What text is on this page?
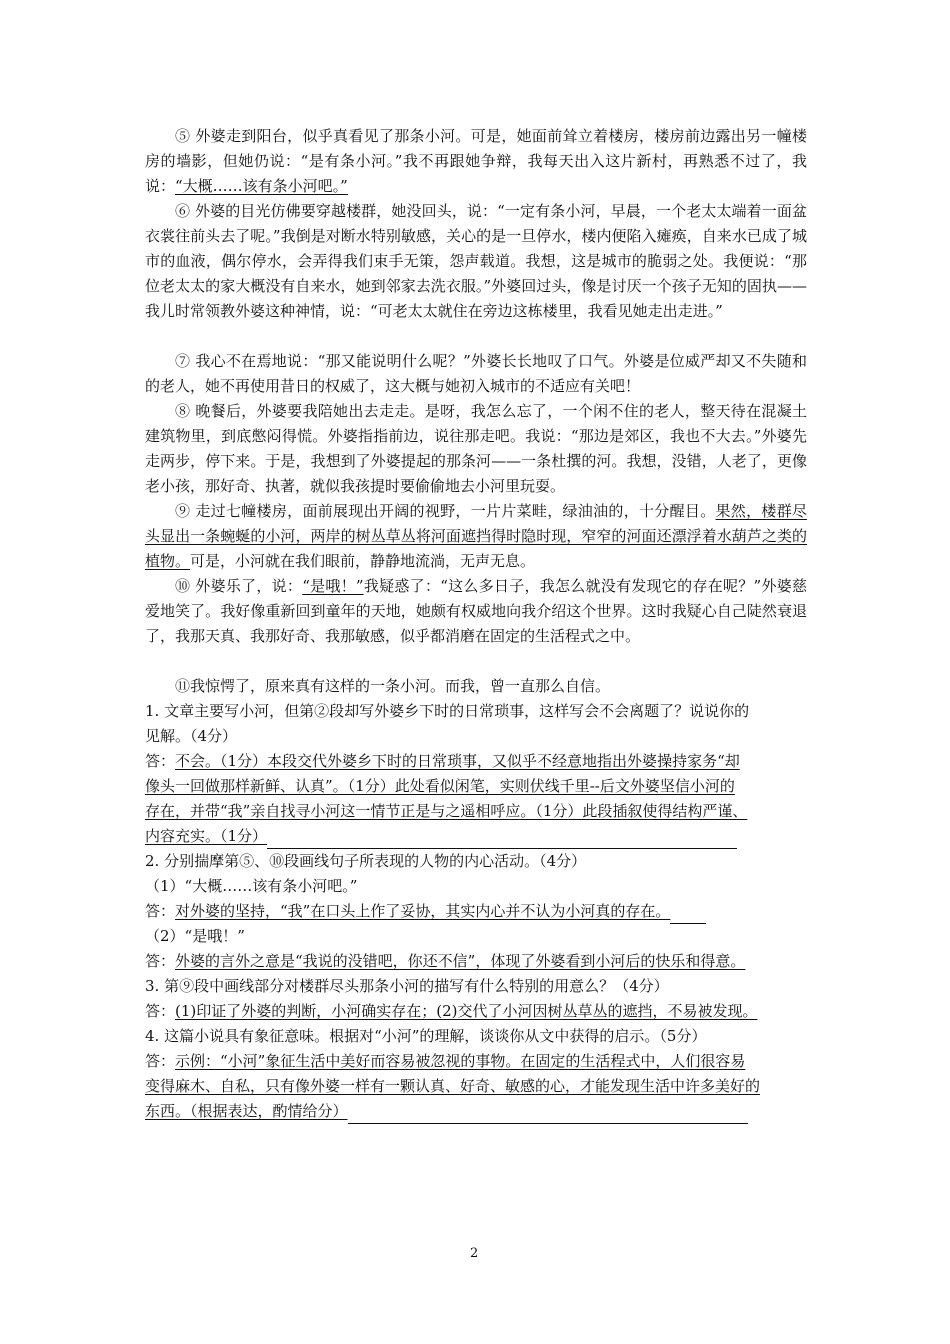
⑤ 外婆走到阳台，似乎真看见了那条小河。可是，她面前耸立着楼房，楼房前边露出另一幢楼房的墙影，但她仍说：“是有条小河。”我不再跟她争辩，我每天出入这片新村，再熟悉不过了，我说：“大概……该有条小河吧。”

⑥ 外婆的目光仿佛要穿越楼群，她没回头，说：“一定有条小河，早晨，一个老太太端着一面盆衣裳往前头去了呢。”我倒是对断水特别敏感，关心的是一旦停水，楼内便陷入瘫痪，自来水已成了城市的血液，偶尔停水，会弄得我们束手无策，怨声载道。我想，这是城市的脆弱之处。我便说：“那位老太太的家大概没有自来水，她到邻家去洗衣服。”外婆回过头，像是讨厌一个孩子无知的固执——我儿时常领教外婆这种神情，说：“可老太太就住在旁边这栋楼里，我看见她走出走进。”

⑦ 我心不在焉地说：“那又能说明什么呢？”外婆长长地叹了口气。外婆是位威严却又不失随和的老人，她不再使用昔日的权威了，这大概与她初入城市的不适应有关吧！

⑧ 晚餐后，外婆要我陪她出去走走。是呀，我怎么忘了，一个闲不住的老人，整天待在混凝土建筑物里，到底憋闷得慌。外婆指指前边，说往那走吧。我说：“那边是郊区，我也不大去。”外婆先走两步，停下来。于是，我想到了外婆提起的那条河——一条杜撰的河。我想，没错，人老了，更像老小孩，那好奇、执著，就似我孩提时要偷偷地去小河里玩耍。

⑨ 走过七幢楼房，面前展现出开阔的视野，一片片菜畦，绿油油的，十分醒目。果然，楼群尽头显出一条蜿蜒的小河，两岸的树丛草丛将河面遮挡得时隐时现，窄窄的河面还漂浮着水葫芦之类的植物。可是，小河就在我们眼前，静静地流淌，无声无息。

⑩ 外婆乐了，说：“是哦！”我疑惑了：“这么多日子，我怎么就没有发现它的存在呢？”外婆慈爱地笑了。我好像重新回到童年的天地，她颇有权威地向我介绍这个世界。这时我疑心自己陡然衰退了，我那天真、我那好奇、我那敏感，似乎都消磨在固定的生活程式之中。

⑪我惊愕了，原来真有这样的一条小河。而我，曾一直那么自信。

1. 文章主要写小河，但第②段却写外婆乡下时的日常琐事，这样写会不会离题了？说说你的

见解。（4分）

答：不会。（1分）本段交代外婆乡下时的日常琐事，又似乎不经意地指出外婆操持家务“却

像头一回做那样新鲜、认真”。（1分）此处看似闲笔，实则伏线千里--后文外婆坚信小河的

存在，并带“我”亲自找寻小河这一情节正是与之遥相呼应。（1分）此段插叙使得结构严谨、

内容充实。（1分）

2. 分别揣摩第⑤、⑩段画线句子所表现的人物的内心活动。（4分）

（1）“大概……该有条小河吧。”

答：对外婆的坚持，“我”在口头上作了妥协，其实内心并不认为小河真的存在。

（2）“是哦！”

答：外婆的言外之意是“我说的没错吧，你还不信”，体现了外婆看到小河后的快乐和得意。

3. 第⑨段中画线部分对楼群尽头那条小河的描写有什么特别的用意么？（4分）

答：(1)印证了外婆的判断，小河确实存在；(2)交代了小河因树丛草丛的遮挡，不易被发现。

4. 这篇小说具有象征意味。根据对“小河”的理解，谈谈你从文中获得的启示。（5分）

答：示例：“小河”象征生活中美好而容易被忽视的事物。在固定的生活程式中，人们很容易

变得麻木、自私，只有像外婆一样有一颗认真、好奇、敏感的心，才能发现生活中许多美好的

东西。（根据表达，酌情给分）

2
